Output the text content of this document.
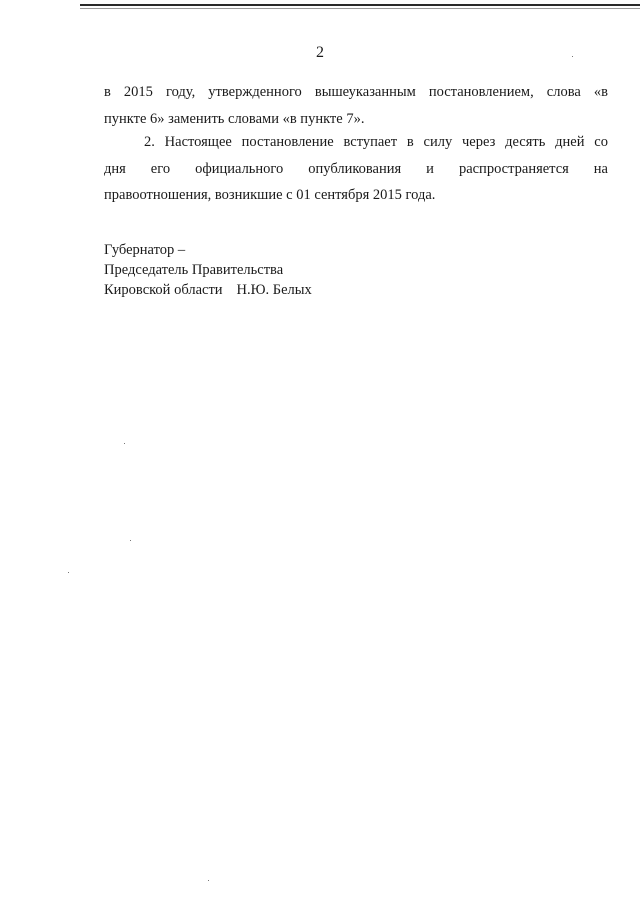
2
в 2015 году, утвержденного вышеуказанным постановлением, слова «в
пункте 6» заменить словами «в пункте 7».
2. Настоящее постановление вступает в силу через десять дней со
дня его официального опубликования и распространяется на
правоотношения, возникшие с 01 сентября 2015 года.
Губернатор –
Председатель Правительства
Кировской области Н.Ю. Белых
